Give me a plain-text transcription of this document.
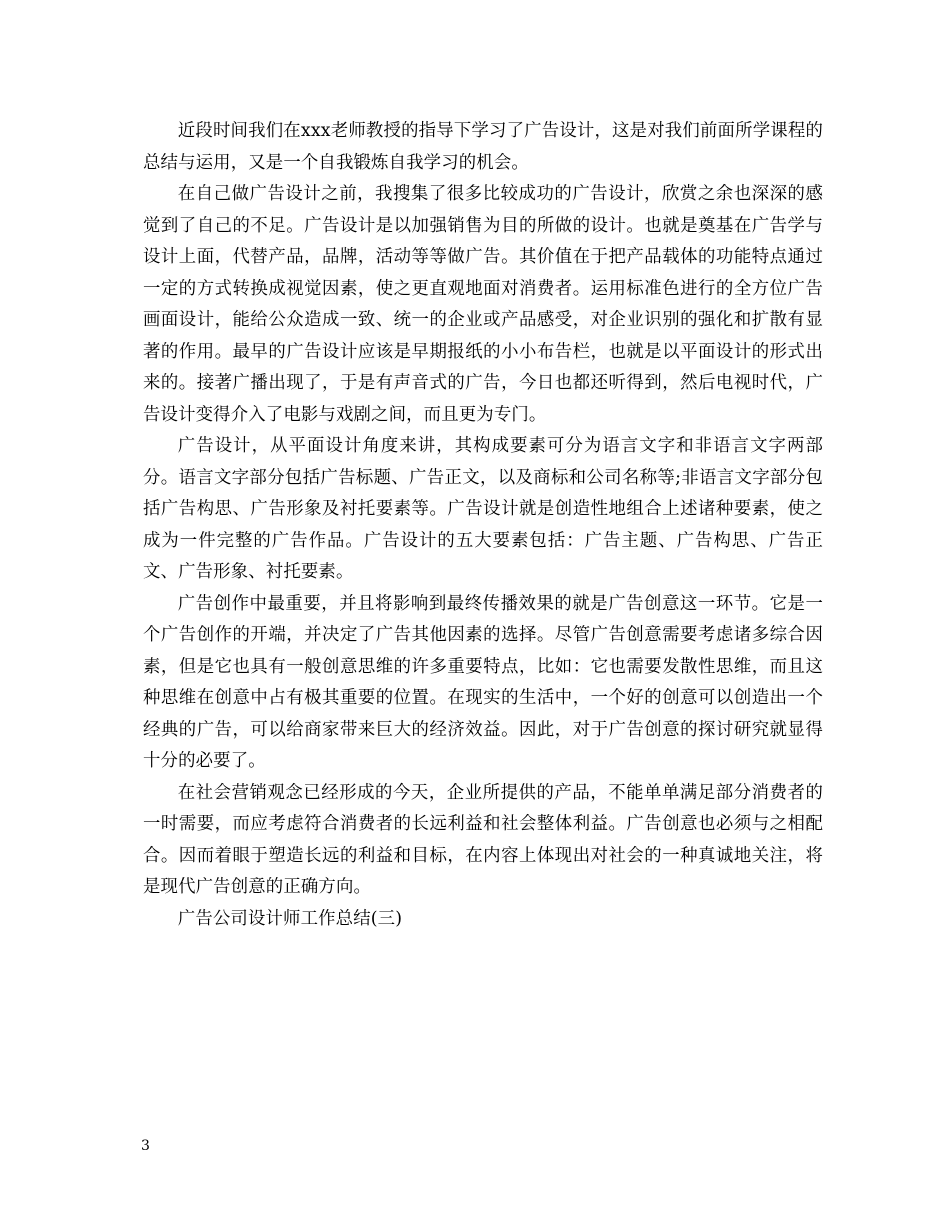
近段时间我们在xxx老师教授的指导下学习了广告设计，这是对我们前面所学课程的总结与运用，又是一个自我锻炼自我学习的机会。

在自己做广告设计之前，我搜集了很多比较成功的广告设计，欣赏之余也深深的感觉到了自己的不足。广告设计是以加强销售为目的所做的设计。也就是奠基在广告学与设计上面，代替产品，品牌，活动等等做广告。其价值在于把产品载体的功能特点通过一定的方式转换成视觉因素，使之更直观地面对消费者。运用标准色进行的全方位广告画面设计，能给公众造成一致、统一的企业或产品感受，对企业识别的强化和扩散有显著的作用。最早的广告设计应该是早期报纸的小小布告栏，也就是以平面设计的形式出来的。接著广播出现了，于是有声音式的广告，今日也都还听得到，然后电视时代，广告设计变得介入了电影与戏剧之间，而且更为专门。

广告设计，从平面设计角度来讲，其构成要素可分为语言文字和非语言文字两部分。语言文字部分包括广告标题、广告正文，以及商标和公司名称等;非语言文字部分包括广告构思、广告形象及衬托要素等。广告设计就是创造性地组合上述诸种要素，使之成为一件完整的广告作品。广告设计的五大要素包括：广告主题、广告构思、广告正文、广告形象、衬托要素。

广告创作中最重要，并且将影响到最终传播效果的就是广告创意这一环节。它是一个广告创作的开端，并决定了广告其他因素的选择。尽管广告创意需要考虑诸多综合因素，但是它也具有一般创意思维的许多重要特点，比如：它也需要发散性思维，而且这种思维在创意中占有极其重要的位置。在现实的生活中，一个好的创意可以创造出一个经典的广告，可以给商家带来巨大的经济效益。因此，对于广告创意的探讨研究就显得十分的必要了。

在社会营销观念已经形成的今天，企业所提供的产品，不能单单满足部分消费者的一时需要，而应考虑符合消费者的长远利益和社会整体利益。广告创意也必须与之相配合。因而着眼于塑造长远的利益和目标，在内容上体现出对社会的一种真诚地关注，将是现代广告创意的正确方向。

广告公司设计师工作总结(三)

3
